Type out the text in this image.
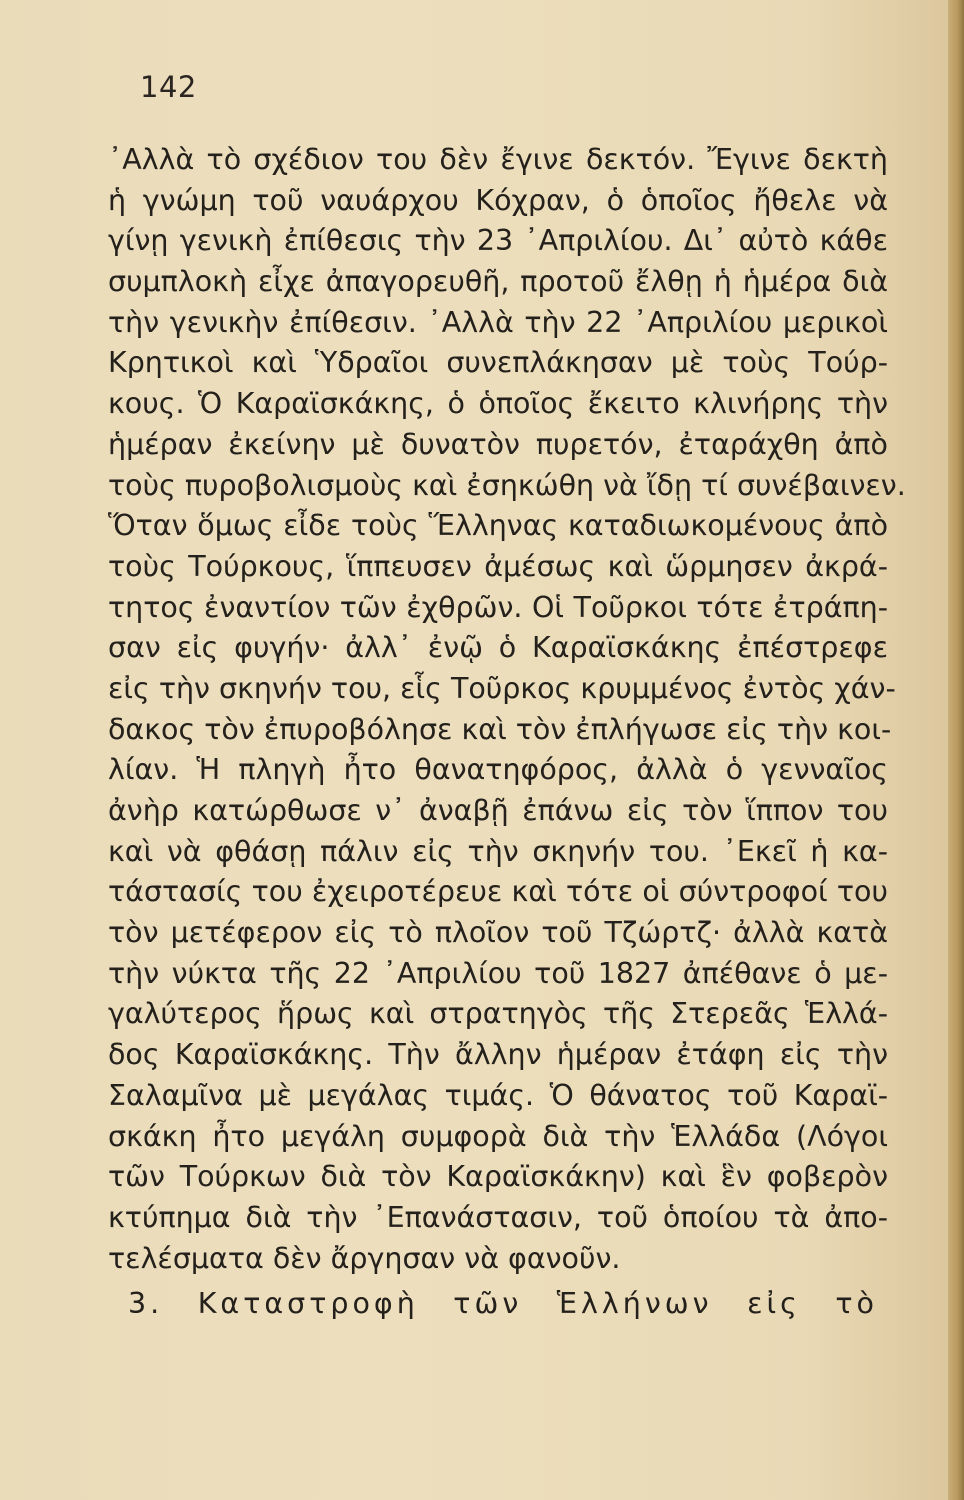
142
᾿Αλλὰ τὸ σχέδιον του δὲν ἔγινε δεκτόν. Ἔγινε δεκτὴ
ἡ γνώμη τοῦ ναυάρχου Κόχραν, ὁ ὁποῖος ἤθελε νὰ
γίνῃ γενικὴ ἐπίθεσις τὴν 23 ᾿Απριλίου. Δι᾿ αὐτὸ κάθε
συμπλοκὴ εἶχε ἀπαγορευθῆ, προτοῦ ἔλθῃ ἡ ἡμέρα διὰ
τὴν γενικὴν ἐπίθεσιν. ᾿Αλλὰ τὴν 22 ᾿Απριλίου μερικοὶ
Κρητικοὶ καὶ Ὑδραῖοι συνεπλάκησαν μὲ τοὺς Τούρ-
κους. Ὁ Καραϊσκάκης, ὁ ὁποῖος ἔκειτο κλινήρης τὴν
ἡμέραν ἐκείνην μὲ δυνατὸν πυρετόν, ἐταράχθη ἀπὸ
τοὺς πυροβολισμοὺς καὶ ἐσηκώθη νὰ ἴδῃ τί συνέβαινεν.
Ὅταν ὅμως εἶδε τοὺς Ἕλληνας καταδιωκομένους ἀπὸ
τοὺς Τούρκους, ἵππευσεν ἀμέσως καὶ ὥρμησεν ἀκρά-
τητος ἐναντίον τῶν ἐχθρῶν. Οἱ Τοῦρκοι τότε ἐτράπη-
σαν εἰς φυγήν· ἀλλ᾿ ἐνῷ ὁ Καραϊσκάκης ἐπέστρεφε
εἰς τὴν σκηνήν του, εἷς Τοῦρκος κρυμμένος ἐντὸς χάν-
δακος τὸν ἐπυροβόλησε καὶ τὸν ἐπλήγωσε εἰς τὴν κοι-
λίαν. Ἡ πληγὴ ἦτο θανατηφόρος, ἀλλὰ ὁ γενναῖος
ἀνὴρ κατώρθωσε ν᾿ ἀναβῇ ἐπάνω εἰς τὸν ἵππον του
καὶ νὰ φθάσῃ πάλιν εἰς τὴν σκηνήν του. ᾿Εκεῖ ἡ κα-
τάστασίς του ἐχειροτέρευε καὶ τότε οἱ σύντροφοί του
τὸν μετέφερον εἰς τὸ πλοῖον τοῦ Τζώρτζ· ἀλλὰ κατὰ
τὴν νύκτα τῆς 22 ᾿Απριλίου τοῦ 1827 ἀπέθανε ὁ με-
γαλύτερος ἥρως καὶ στρατηγὸς τῆς Στερεᾶς Ἑλλά-
δος Καραϊσκάκης. Τὴν ἄλλην ἡμέραν ἐτάφη εἰς τὴν
Σαλαμῖνα μὲ μεγάλας τιμάς. Ὁ θάνατος τοῦ Καραϊ-
σκάκη ἦτο μεγάλη συμφορὰ διὰ τὴν Ἑλλάδα (Λόγοι
τῶν Τούρκων διὰ τὸν Καραϊσκάκην) καὶ ἓν φοβερὸν
κτύπημα διὰ τὴν ᾿Επανάστασιν, τοῦ ὁποίου τὰ ἀπο-
τελέσματα δὲν ἄργησαν νὰ φανοῦν.
3. Καταστροφὴ τῶν Ἑλλήνων εἰς τὸ
